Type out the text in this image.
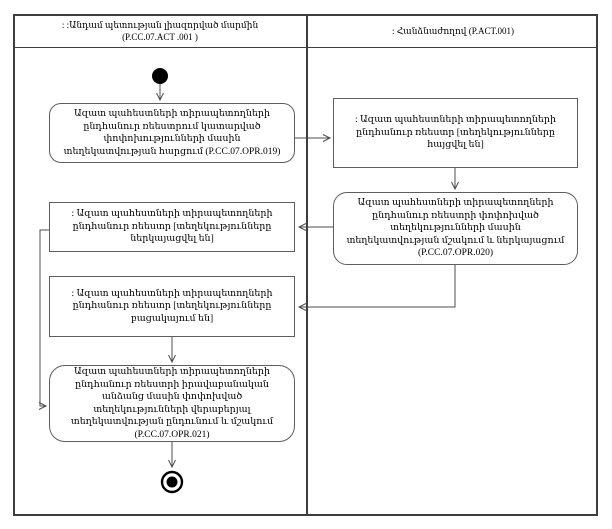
: :Անդամ պետության լիազորված մարմին
(P.CC.07.ACT .001 )
: Հանձնաժողով (P.ACT.001)
Ազատ պահեստների տիրապետողների ընդհանուր ռեեստրում կատարված փոփոխությունների մասին տեղեկատվության հարցում (P.CC.07.OPR.019)
: Ազատ պահեստների տիրապետողների ընդհանուր ռեեստր [տեղեկությունները ներկայացվել են]
: Ազատ պահեստների տիրապետողների ընդհանուր ռեեստր [տեղեկությունները բացակայում են]
Ազատ պահեստների տիրապետողների ընդհանուր ռեեստրի իրավաբանական անձանց մասին փոփոխված տեղեկությունների վերաբերյալ տեղեկատվության ընդունում և մշակում (P.CC.07.OPR.021)
: Ազատ պահեստների տիրապետողների ընդհանուր ռեեստր [տեղեկությունները հայցվել են]
Ազատ պահեստների տիրապետողների ընդհանուր ռեեստրի փոփոխված տեղեկությունների մասին տեղեկատվության մշակում և ներկայացում (P.CC.07.OPR.020)
